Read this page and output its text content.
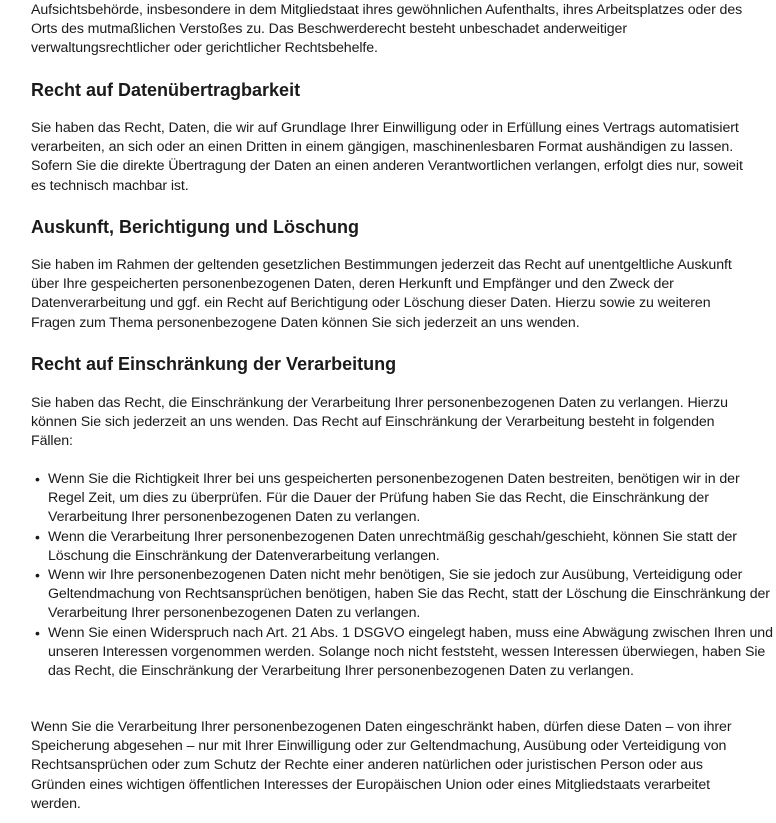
Aufsichtsbehörde, insbesondere in dem Mitgliedstaat ihres gewöhnlichen Aufenthalts, ihres Arbeitsplatzes oder des Orts des mutmaßlichen Verstoßes zu. Das Beschwerderecht besteht unbeschadet anderweitiger verwaltungsrechtlicher oder gerichtlicher Rechtsbehelfe.

Recht auf Datenübertragbarkeit

Sie haben das Recht, Daten, die wir auf Grundlage Ihrer Einwilligung oder in Erfüllung eines Vertrags automatisiert verarbeiten, an sich oder an einen Dritten in einem gängigen, maschinenlesbaren Format aushändigen zu lassen. Sofern Sie die direkte Übertragung der Daten an einen anderen Verantwortlichen verlangen, erfolgt dies nur, soweit es technisch machbar ist.

Auskunft, Berichtigung und Löschung

Sie haben im Rahmen der geltenden gesetzlichen Bestimmungen jederzeit das Recht auf unentgeltliche Auskunft über Ihre gespeicherten personenbezogenen Daten, deren Herkunft und Empfänger und den Zweck der Datenverarbeitung und ggf. ein Recht auf Berichtigung oder Löschung dieser Daten. Hierzu sowie zu weiteren Fragen zum Thema personenbezogene Daten können Sie sich jederzeit an uns wenden.

Recht auf Einschränkung der Verarbeitung

Sie haben das Recht, die Einschränkung der Verarbeitung Ihrer personenbezogenen Daten zu verlangen. Hierzu können Sie sich jederzeit an uns wenden. Das Recht auf Einschränkung der Verarbeitung besteht in folgenden Fällen:

• Wenn Sie die Richtigkeit Ihrer bei uns gespeicherten personenbezogenen Daten bestreiten, benötigen wir in der Regel Zeit, um dies zu überprüfen. Für die Dauer der Prüfung haben Sie das Recht, die Einschränkung der Verarbeitung Ihrer personenbezogenen Daten zu verlangen.
• Wenn die Verarbeitung Ihrer personenbezogenen Daten unrechtmäßig geschah/geschieht, können Sie statt der Löschung die Einschränkung der Datenverarbeitung verlangen.
• Wenn wir Ihre personenbezogenen Daten nicht mehr benötigen, Sie sie jedoch zur Ausübung, Verteidigung oder Geltendmachung von Rechtsansprüchen benötigen, haben Sie das Recht, statt der Löschung die Einschränkung der Verarbeitung Ihrer personenbezogenen Daten zu verlangen.
• Wenn Sie einen Widerspruch nach Art. 21 Abs. 1 DSGVO eingelegt haben, muss eine Abwägung zwischen Ihren und unseren Interessen vorgenommen werden. Solange noch nicht feststeht, wessen Interessen überwiegen, haben Sie das Recht, die Einschränkung der Verarbeitung Ihrer personenbezogenen Daten zu verlangen.

Wenn Sie die Verarbeitung Ihrer personenbezogenen Daten eingeschränkt haben, dürfen diese Daten – von ihrer Speicherung abgesehen – nur mit Ihrer Einwilligung oder zur Geltendmachung, Ausübung oder Verteidigung von Rechtsansprüchen oder zum Schutz der Rechte einer anderen natürlichen oder juristischen Person oder aus Gründen eines wichtigen öffentlichen Interesses der Europäischen Union oder eines Mitgliedstaats verarbeitet werden.
